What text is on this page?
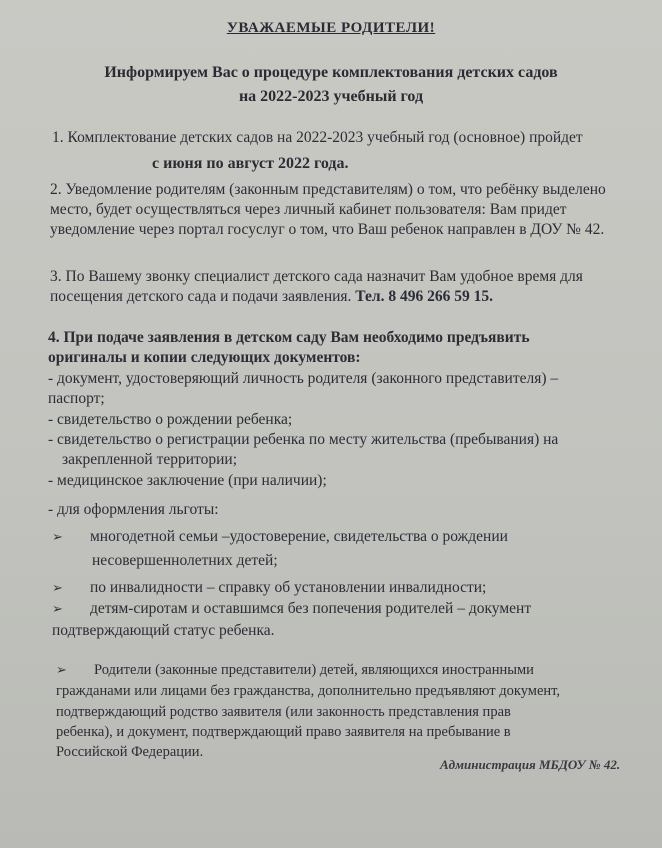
УВАЖАЕМЫЕ РОДИТЕЛИ!
Информируем Вас о процедуре комплектования детских садов
на 2022-2023 учебный год
1. Комплектование детских садов на 2022-2023 учебный год (основное) пройдет
с июня по август 2022 года.
2. Уведомление родителям (законным представителям) о том, что ребёнку выделено
место, будет осуществляться через личный кабинет пользователя: Вам придет
уведомление через портал госуслуг о том, что Ваш ребенок направлен в ДОУ № 42.
3. По Вашему звонку специалист детского сада назначит Вам удобное время для
посещения детского сада и подачи заявления. Тел. 8 496 266 59 15.
4. При подаче заявления в детском саду Вам необходимо предъявить
оригиналы и копии следующих документов:
- документ, удостоверяющий личность родителя (законного представителя) –
паспорт;
- свидетельство о рождении ребенка;
- свидетельство о регистрации ребенка по месту жительства (пребывания) на
закрепленной территории;
- медицинское заключение (при наличии);
- для оформления льготы:
➢ многодетной семьи –удостоверение, свидетельства о рождении
несовершеннолетних детей;
➢ по инвалидности – справку об установлении инвалидности;
➢ детям-сиротам и оставшимся без попечения родителей – документ
подтверждающий статус ребенка.
➢ Родители (законные представители) детей, являющихся иностранными
гражданами или лицами без гражданства, дополнительно предъявляют документ,
подтверждающий родство заявителя (или законность представления прав
ребенка), и документ, подтверждающий право заявителя на пребывание в
Российской Федерации.
Администрация МБДОУ № 42.
